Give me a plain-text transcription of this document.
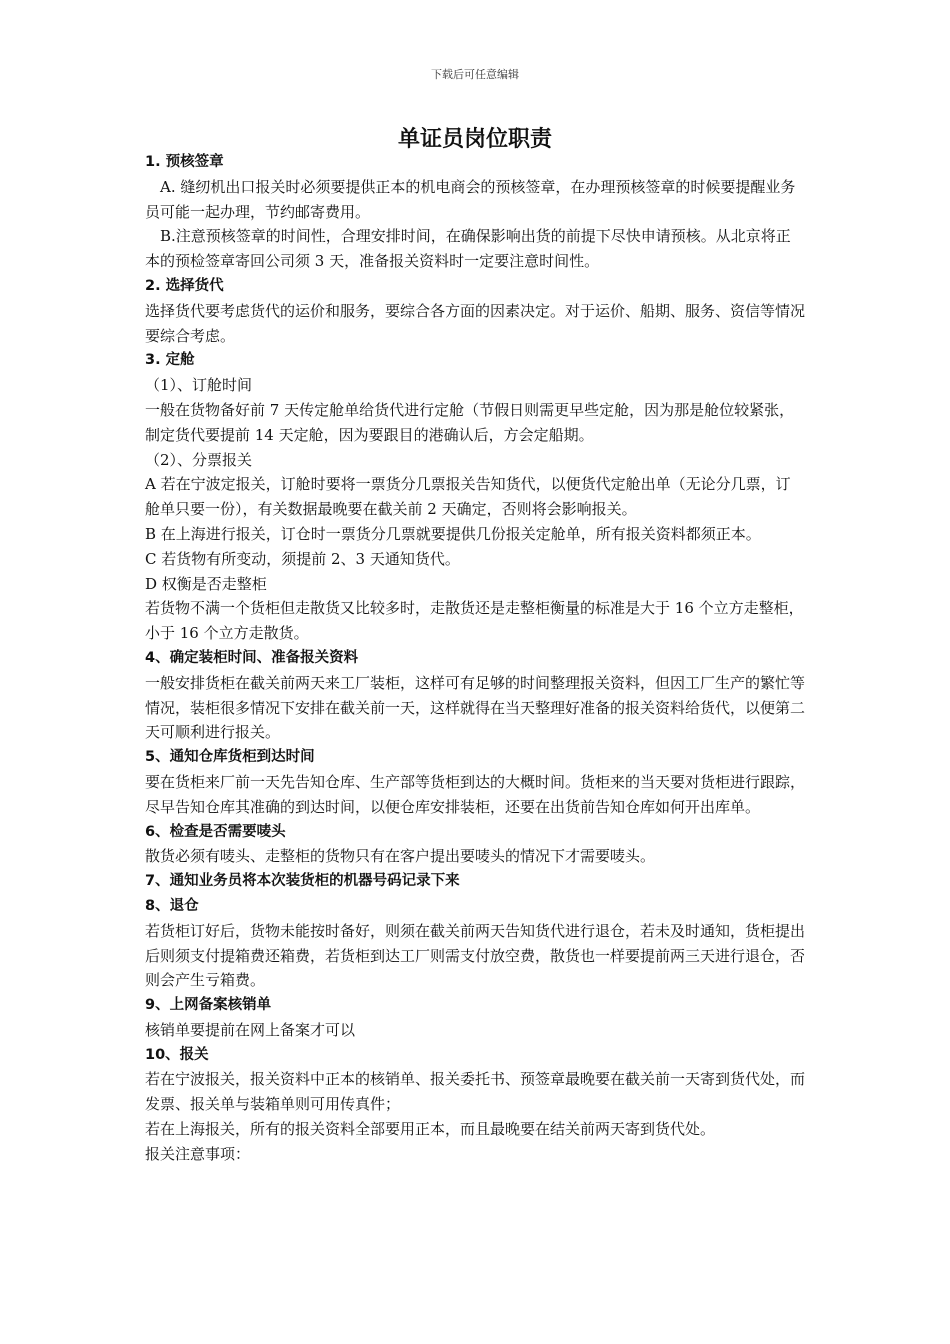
下载后可任意编辑
单证员岗位职责

1. 预核签章

A. 缝纫机出口报关时必须要提供正本的机电商会的预核签章，在办理预核签章的时候要提醒业务员可能一起办理，节约邮寄费用。

B.注意预核签章的时间性，合理安排时间，在确保影响出货的前提下尽快申请预核。从北京将正本的预检签章寄回公司须 3 天，准备报关资料时一定要注意时间性。

2. 选择货代

选择货代要考虑货代的运价和服务，要综合各方面的因素决定。对于运价、船期、服务、资信等情况要综合考虑。

3. 定舱

（1）、订舱时间

一般在货物备好前 7 天传定舱单给货代进行定舱（节假日则需更早些定舱，因为那是舱位较紧张，制定货代要提前 14 天定舱，因为要跟目的港确认后，方会定船期。

（2）、分票报关

A 若在宁波定报关，订舱时要将一票货分几票报关告知货代，以便货代定舱出单（无论分几票，订舱单只要一份），有关数据最晚要在截关前 2 天确定，否则将会影响报关。

B 在上海进行报关，订仓时一票货分几票就要提供几份报关定舱单，所有报关资料都须正本。

C 若货物有所变动，须提前 2、3 天通知货代。

D 权衡是否走整柜

若货物不满一个货柜但走散货又比较多时，走散货还是走整柜衡量的标准是大于 16 个立方走整柜，小于 16 个立方走散货。

4、确定装柜时间、准备报关资料

一般安排货柜在截关前两天来工厂装柜，这样可有足够的时间整理报关资料，但因工厂生产的繁忙等情况，装柜很多情况下安排在截关前一天，这样就得在当天整理好准备的报关资料给货代，以便第二天可顺利进行报关。

5、通知仓库货柜到达时间

要在货柜来厂前一天先告知仓库、生产部等货柜到达的大概时间。货柜来的当天要对货柜进行跟踪，尽早告知仓库其准确的到达时间，以便仓库安排装柜，还要在出货前告知仓库如何开出库单。

6、检查是否需要唛头

散货必须有唛头、走整柜的货物只有在客户提出要唛头的情况下才需要唛头。

7、通知业务员将本次装货柜的机器号码记录下来

8、退仓

若货柜订好后，货物未能按时备好，则须在截关前两天告知货代进行退仓，若未及时通知，货柜提出后则须支付提箱费还箱费，若货柜到达工厂则需支付放空费，散货也一样要提前两三天进行退仓，否则会产生亏箱费。

9、上网备案核销单

核销单要提前在网上备案才可以

10、报关

若在宁波报关，报关资料中正本的核销单、报关委托书、预签章最晚要在截关前一天寄到货代处，而发票、报关单与装箱单则可用传真件；

若在上海报关，所有的报关资料全部要用正本，而且最晚要在结关前两天寄到货代处。

报关注意事项：
